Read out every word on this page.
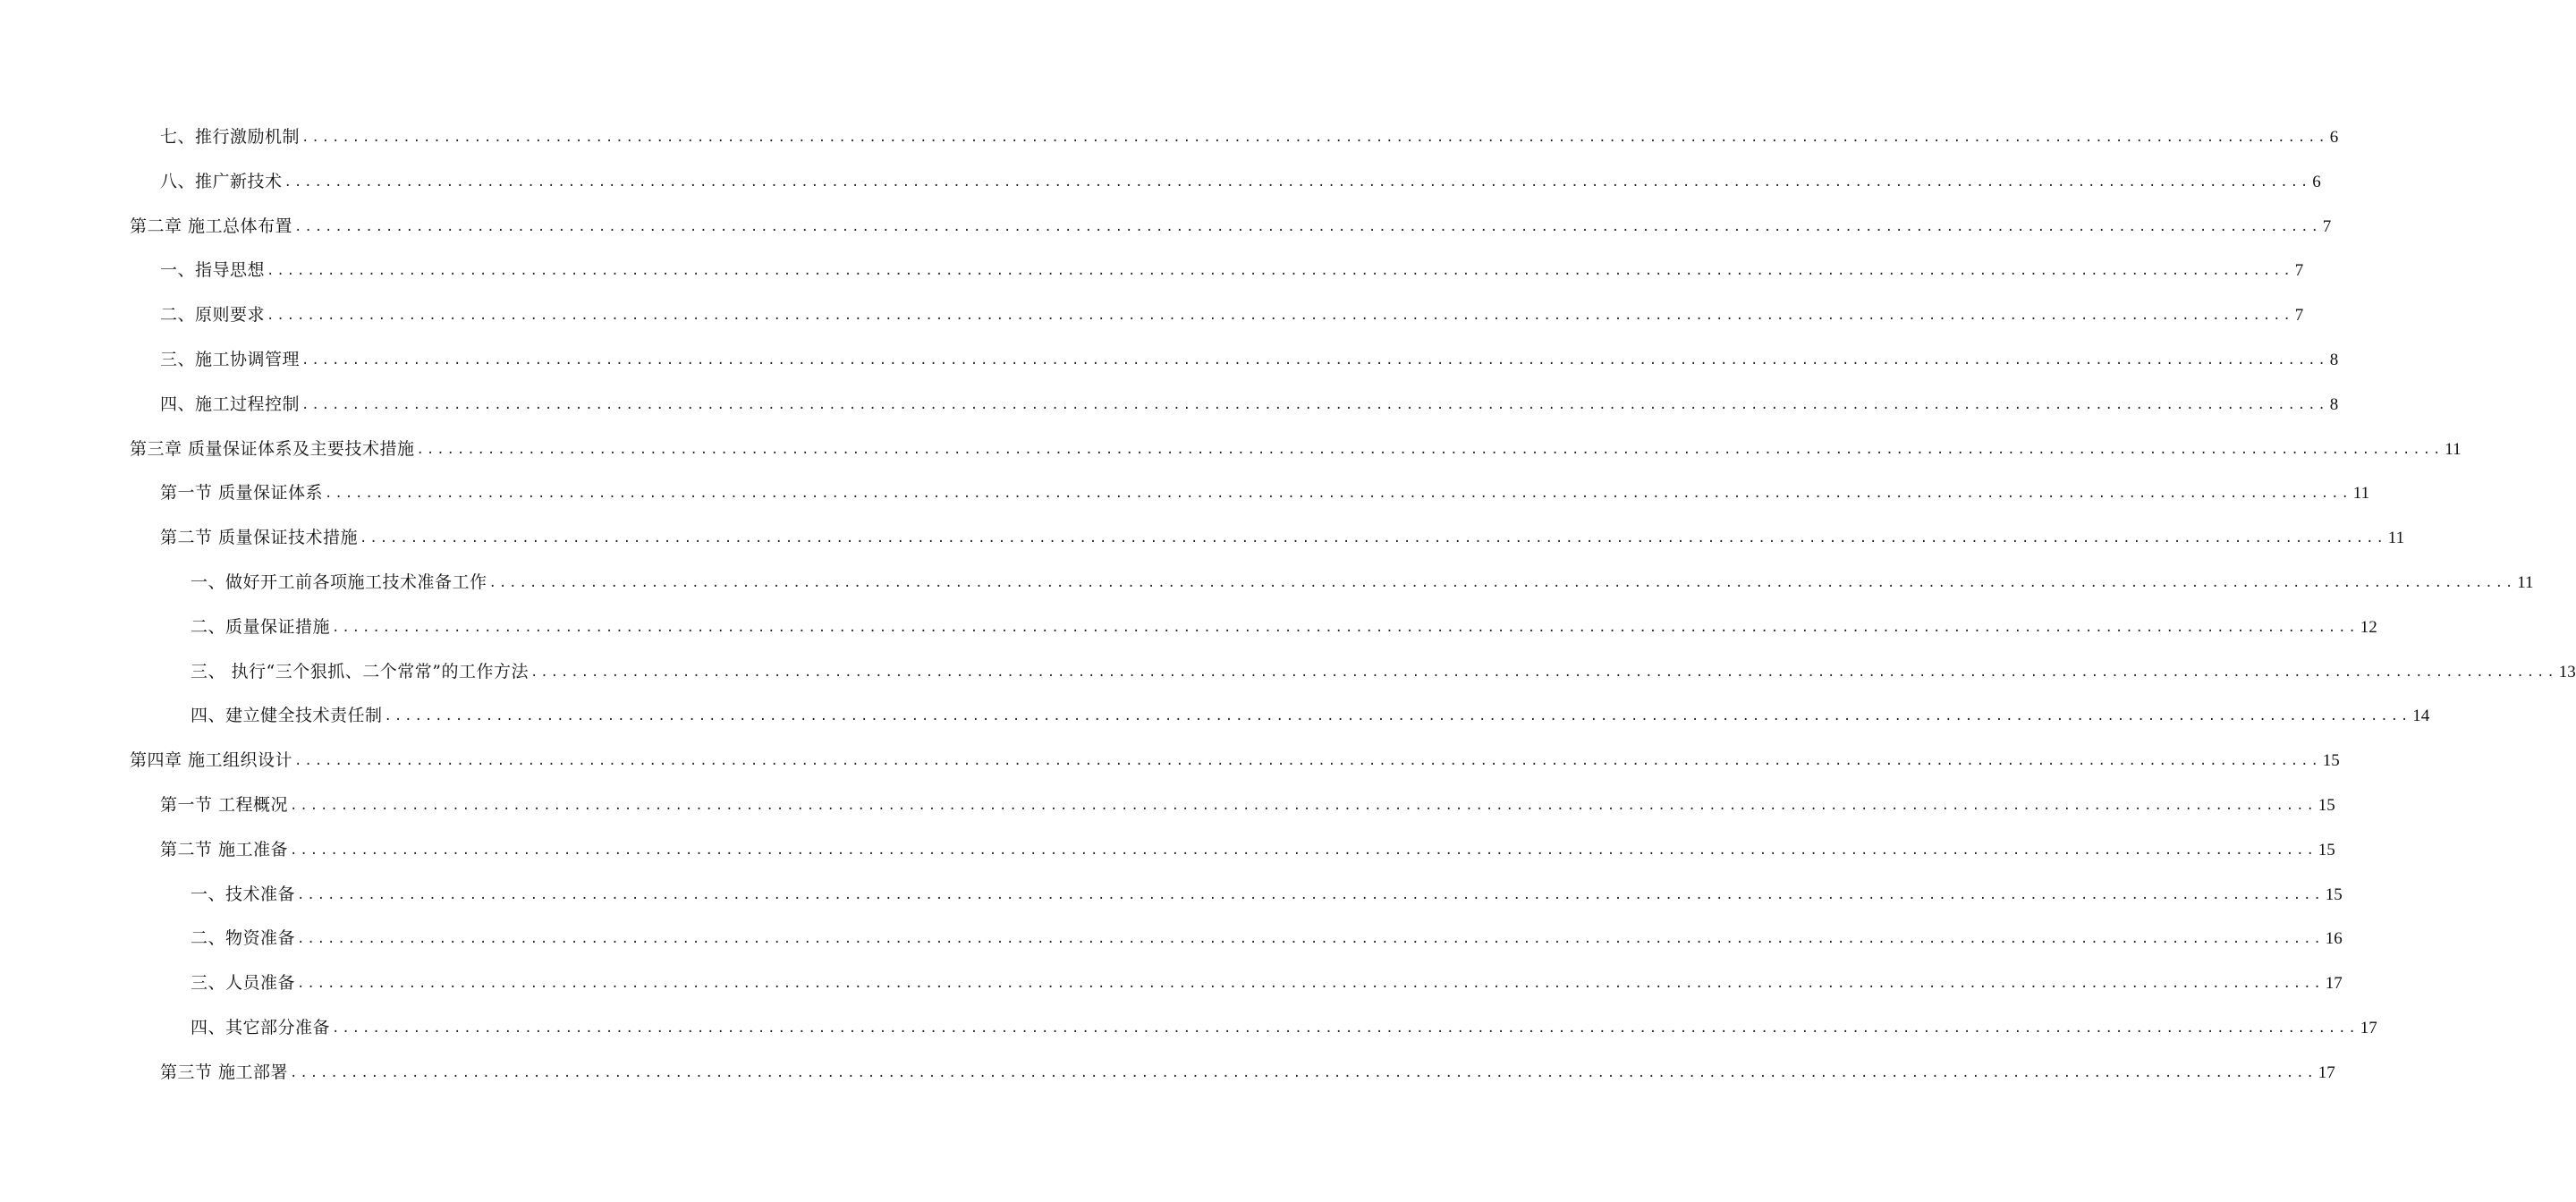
七、推行激励机制 ........................................................................................................................................................................................................ 6
八、推广新技术 ........................................................................................................................................................................................................ 6
第二章 施工总体布置 ........................................................................................................................................................................................................ 7
一、指导思想 ........................................................................................................................................................................................................ 7
二、原则要求 ........................................................................................................................................................................................................ 7
三、施工协调管理 ........................................................................................................................................................................................................ 8
四、施工过程控制 ........................................................................................................................................................................................................ 8
第三章 质量保证体系及主要技术措施 ........................................................................................................................................................................................................ 11
第一节 质量保证体系 ........................................................................................................................................................................................................ 11
第二节 质量保证技术措施 ........................................................................................................................................................................................................ 11
一、做好开工前各项施工技术准备工作 ........................................................................................................................................................................................................ 11
二、质量保证措施 ........................................................................................................................................................................................................ 12
三、 执行“三个狠抓、二个常常”的工作方法 ........................................................................................................................................................................................................ 13
四、建立健全技术责任制 ........................................................................................................................................................................................................ 14
第四章 施工组织设计 ........................................................................................................................................................................................................ 15
第一节 工程概况 ........................................................................................................................................................................................................ 15
第二节 施工准备 ........................................................................................................................................................................................................ 15
一、技术准备 ........................................................................................................................................................................................................ 15
二、物资准备 ........................................................................................................................................................................................................ 16
三、人员准备 ........................................................................................................................................................................................................ 17
四、其它部分准备 ........................................................................................................................................................................................................ 17
第三节 施工部署 ........................................................................................................................................................................................................ 17
